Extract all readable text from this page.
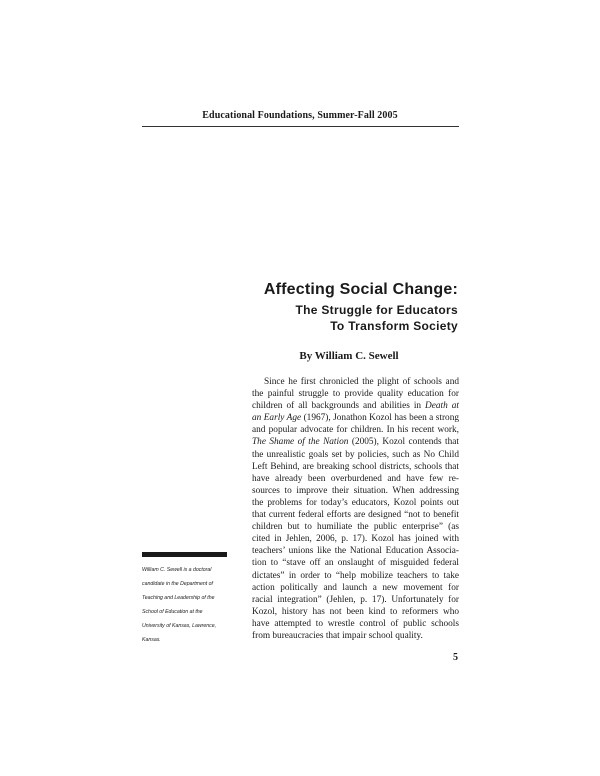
Educational Foundations, Summer-Fall 2005
Affecting Social Change:
The Struggle for Educators
To Transform Society
By William C. Sewell

Since he first chronicled the plight of schools and
the painful struggle to provide quality education for
children of all backgrounds and abilities in Death at
an Early Age (1967), Jonathon Kozol has been a strong
and popular advocate for children. In his recent work,
The Shame of the Nation (2005), Kozol contends that
the unrealistic goals set by policies, such as No Child
Left Behind, are breaking school districts, schools that
have already been overburdened and have few re-
sources to improve their situation. When addressing
the problems for today’s educators, Kozol points out
that current federal efforts are designed “not to benefit
children but to humiliate the public enterprise” (as
cited in Jehlen, 2006, p. 17). Kozol has joined with
teachers’ unions like the National Education Associa-
tion to “stave off an onslaught of misguided federal
dictates” in order to “help mobilize teachers to take
action politically and launch a new movement for
racial integration” (Jehlen, p. 17). Unfortunately for
Kozol, history has not been kind to reformers who
have attempted to wrestle control of public schools
from bureaucracies that impair school quality.

William C. Sewell is a doctoral
candidate in the Department of
Teaching and Leadership of the
School of Education at the
University of Kansas, Lawrence,
Kansas.

5
